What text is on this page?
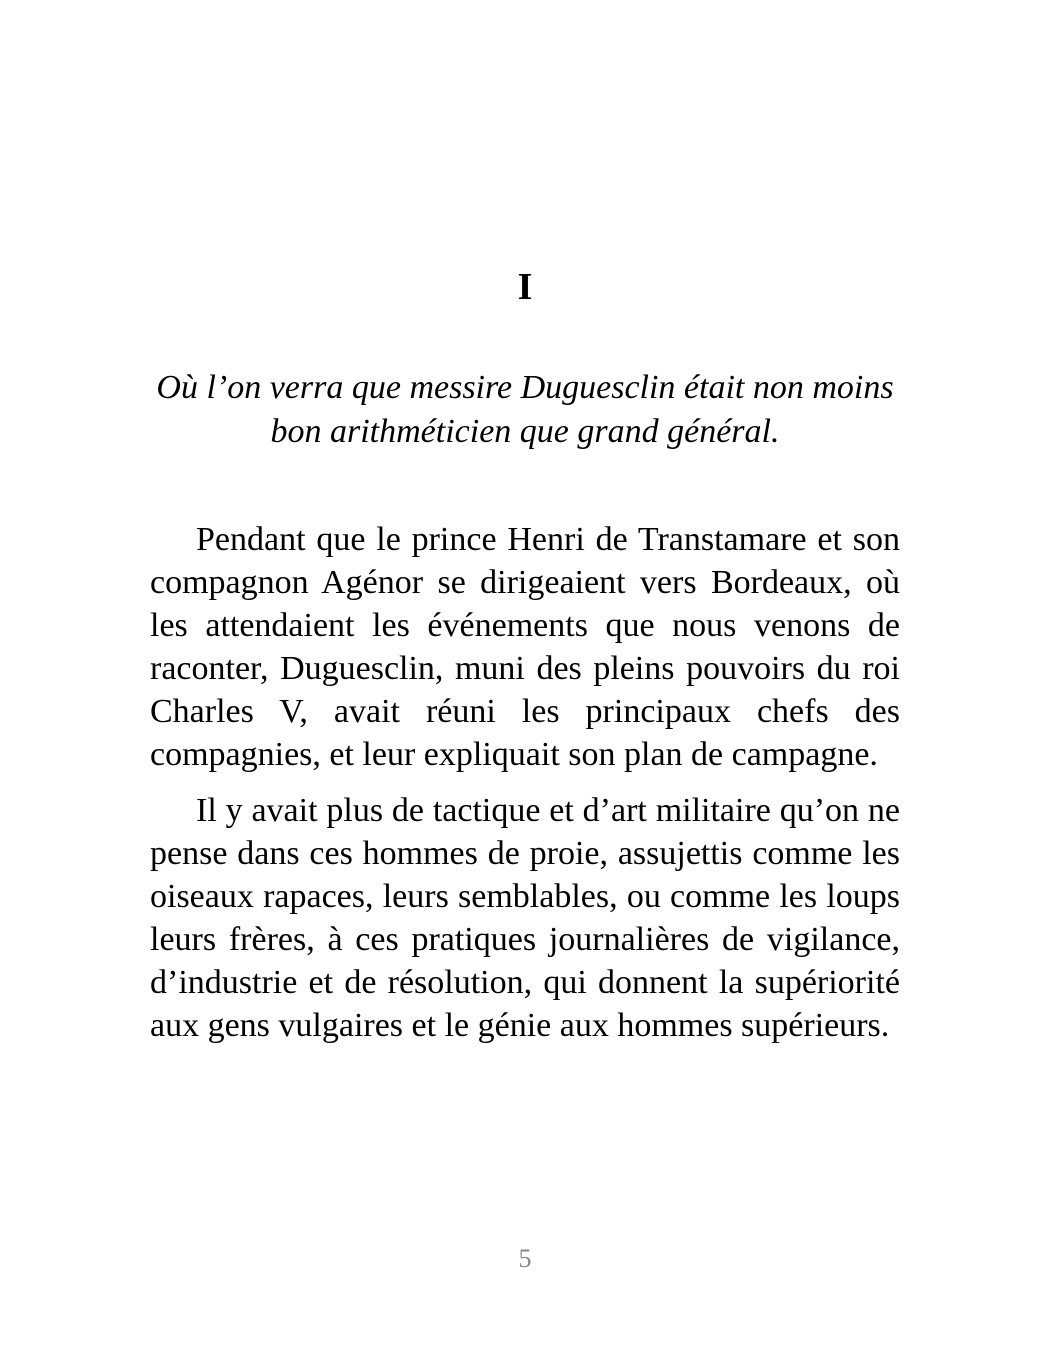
I

Où l’on verra que messire Duguesclin était non moins bon arithméticien que grand général.

Pendant que le prince Henri de Transtamare et son compagnon Agénor se dirigeaient vers Bordeaux, où les attendaient les événements que nous venons de raconter, Duguesclin, muni des pleins pouvoirs du roi Charles V, avait réuni les principaux chefs des compagnies, et leur expliquait son plan de campagne.

Il y avait plus de tactique et d’art militaire qu’on ne pense dans ces hommes de proie, assujettis comme les oiseaux rapaces, leurs semblables, ou comme les loups leurs frères, à ces pratiques journalières de vigilance, d’industrie et de résolution, qui donnent la supériorité aux gens vulgaires et le génie aux hommes supérieurs.

5
